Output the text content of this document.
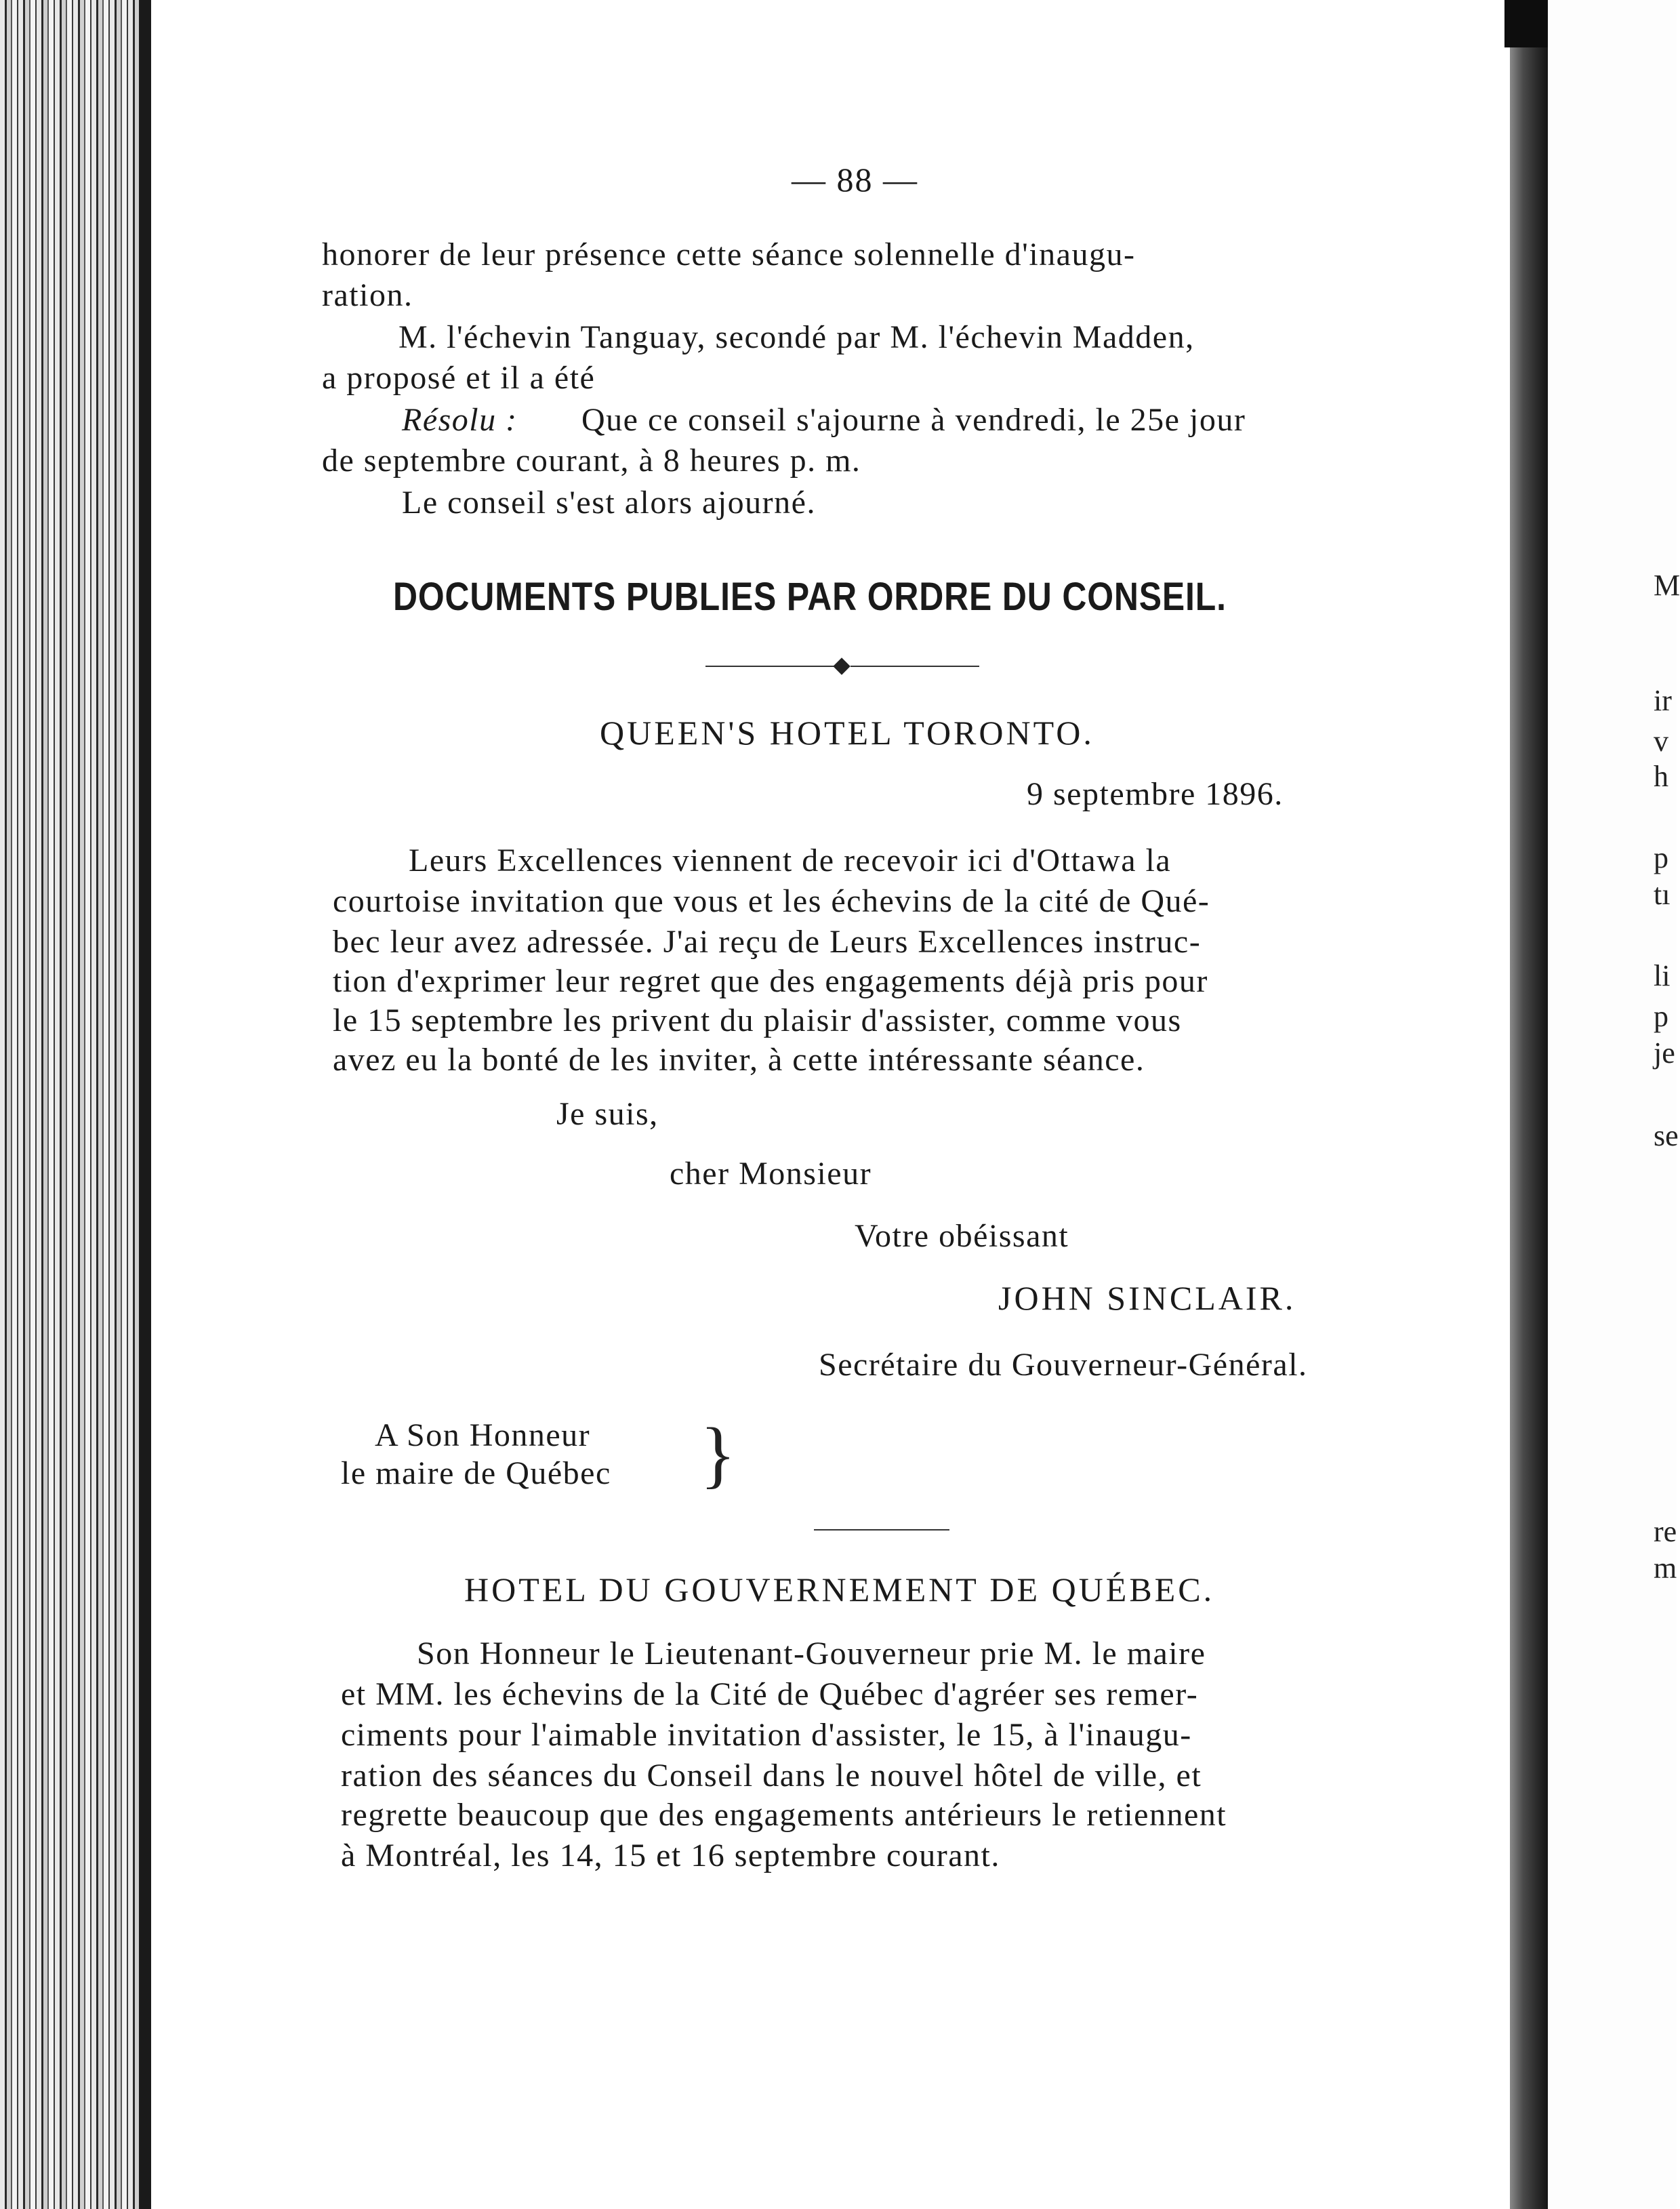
— 88 —
honorer de leur présence cette séance solennelle d'inaugu-
ration.
M. l'échevin Tanguay, secondé par M. l'échevin Madden,
a proposé et il a été
Résolu : Que ce conseil s'ajourne à vendredi, le 25e jour
de septembre courant, à 8 heures p. m.
Le conseil s'est alors ajourné.
DOCUMENTS PUBLIES PAR ORDRE DU CONSEIL.
QUEEN'S HOTEL TORONTO.
9 septembre 1896.
Leurs Excellences viennent de recevoir ici d'Ottawa la
courtoise invitation que vous et les échevins de la cité de Qué-
bec leur avez adressée. J'ai reçu de Leurs Excellences instruc-
tion d'exprimer leur regret que des engagements déjà pris pour
le 15 septembre les privent du plaisir d'assister, comme vous
avez eu la bonté de les inviter, à cette intéressante séance.
Je suis,
cher Monsieur
Votre obéissant
JOHN SINCLAIR.
Secrétaire du Gouverneur-Général.
A Son Honneur
le maire de Québec }
HOTEL DU GOUVERNEMENT DE QUÉBEC.
Son Honneur le Lieutenant-Gouverneur prie M. le maire
et MM. les échevins de la Cité de Québec d'agréer ses remer-
ciments pour l'aimable invitation d'assister, le 15, à l'inaugu-
ration des séances du Conseil dans le nouvel hôtel de ville, et
regrette beaucoup que des engagements antérieurs le retiennent
à Montréal, les 14, 15 et 16 septembre courant.
M
ir
v
h
p
tı
li
p
je
se
re
m
